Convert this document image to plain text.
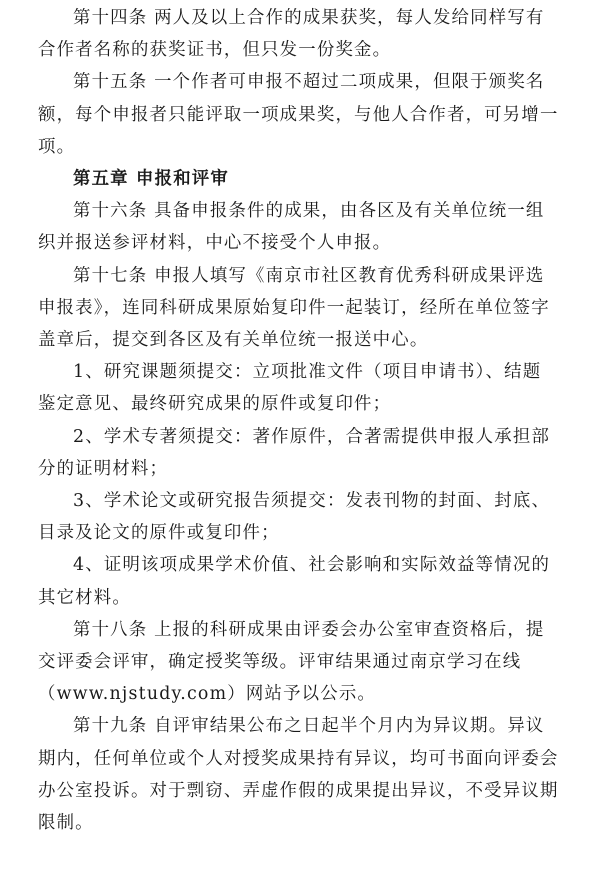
第十四条 两人及以上合作的成果获奖，每人发给同样写有
合作者名称的获奖证书，但只发一份奖金。

第十五条 一个作者可申报不超过二项成果，但限于颁奖名
额，每个申报者只能评取一项成果奖，与他人合作者，可另增一
项。

第五章 申报和评审

第十六条 具备申报条件的成果，由各区及有关单位统一组
织并报送参评材料，中心不接受个人申报。

第十七条 申报人填写《南京市社区教育优秀科研成果评选
申报表》，连同科研成果原始复印件一起装订，经所在单位签字
盖章后，提交到各区及有关单位统一报送中心。

1、研究课题须提交：立项批准文件（项目申请书）、结题
鉴定意见、最终研究成果的原件或复印件；

2、学术专著须提交：著作原件，合著需提供申报人承担部
分的证明材料；

3、学术论文或研究报告须提交：发表刊物的封面、封底、
目录及论文的原件或复印件；

4、证明该项成果学术价值、社会影响和实际效益等情况的
其它材料。

第十八条 上报的科研成果由评委会办公室审查资格后，提
交评委会评审，确定授奖等级。评审结果通过南京学习在线
（www.njstudy.com）网站予以公示。

第十九条 自评审结果公布之日起半个月内为异议期。异议
期内，任何单位或个人对授奖成果持有异议，均可书面向评委会
办公室投诉。对于剽窃、弄虚作假的成果提出异议，不受异议期
限制。
